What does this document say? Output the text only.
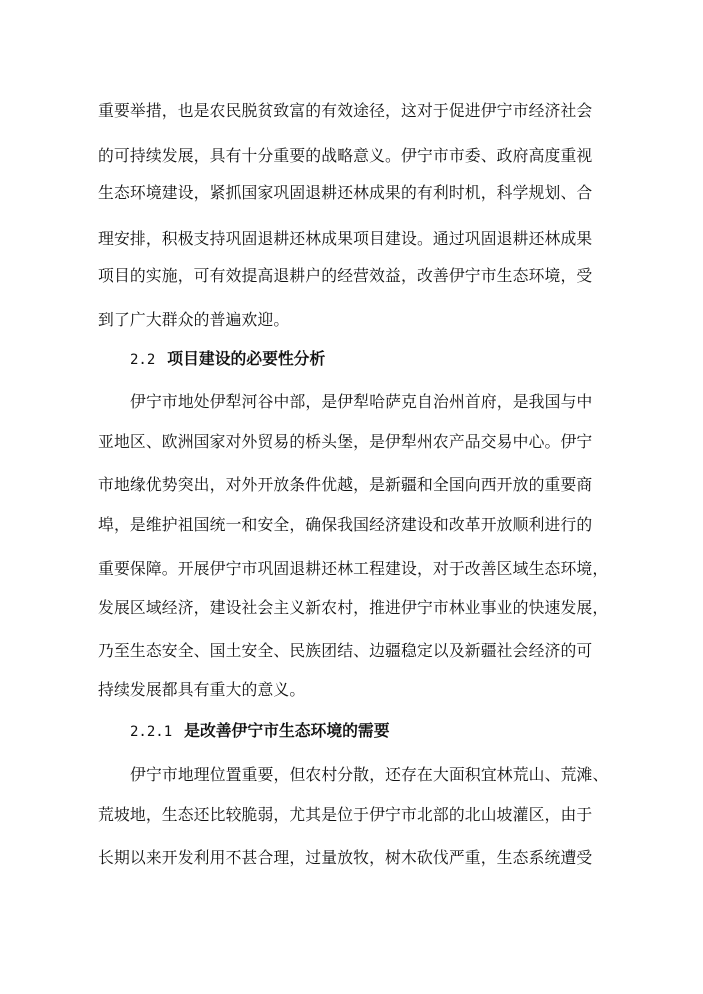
重要举措，也是农民脱贫致富的有效途径，这对于促进伊宁市经济社会
的可持续发展，具有十分重要的战略意义。伊宁市市委、政府高度重视
生态环境建设，紧抓国家巩固退耕还林成果的有利时机，科学规划、合
理安排，积极支持巩固退耕还林成果项目建设。通过巩固退耕还林成果
项目的实施，可有效提高退耕户的经营效益，改善伊宁市生态环境，受
到了广大群众的普遍欢迎。
2.2 项目建设的必要性分析
伊宁市地处伊犁河谷中部，是伊犁哈萨克自治州首府，是我国与中
亚地区、欧洲国家对外贸易的桥头堡，是伊犁州农产品交易中心。伊宁
市地缘优势突出，对外开放条件优越，是新疆和全国向西开放的重要商
埠，是维护祖国统一和安全，确保我国经济建设和改革开放顺利进行的
重要保障。开展伊宁市巩固退耕还林工程建设，对于改善区域生态环境，
发展区域经济，建设社会主义新农村，推进伊宁市林业事业的快速发展，
乃至生态安全、国土安全、民族团结、边疆稳定以及新疆社会经济的可
持续发展都具有重大的意义。
2.2.1 是改善伊宁市生态环境的需要
伊宁市地理位置重要，但农村分散，还存在大面积宜林荒山、荒滩、
荒坡地，生态还比较脆弱，尤其是位于伊宁市北部的北山坡灌区，由于
长期以来开发利用不甚合理，过量放牧，树木砍伐严重，生态系统遭受
